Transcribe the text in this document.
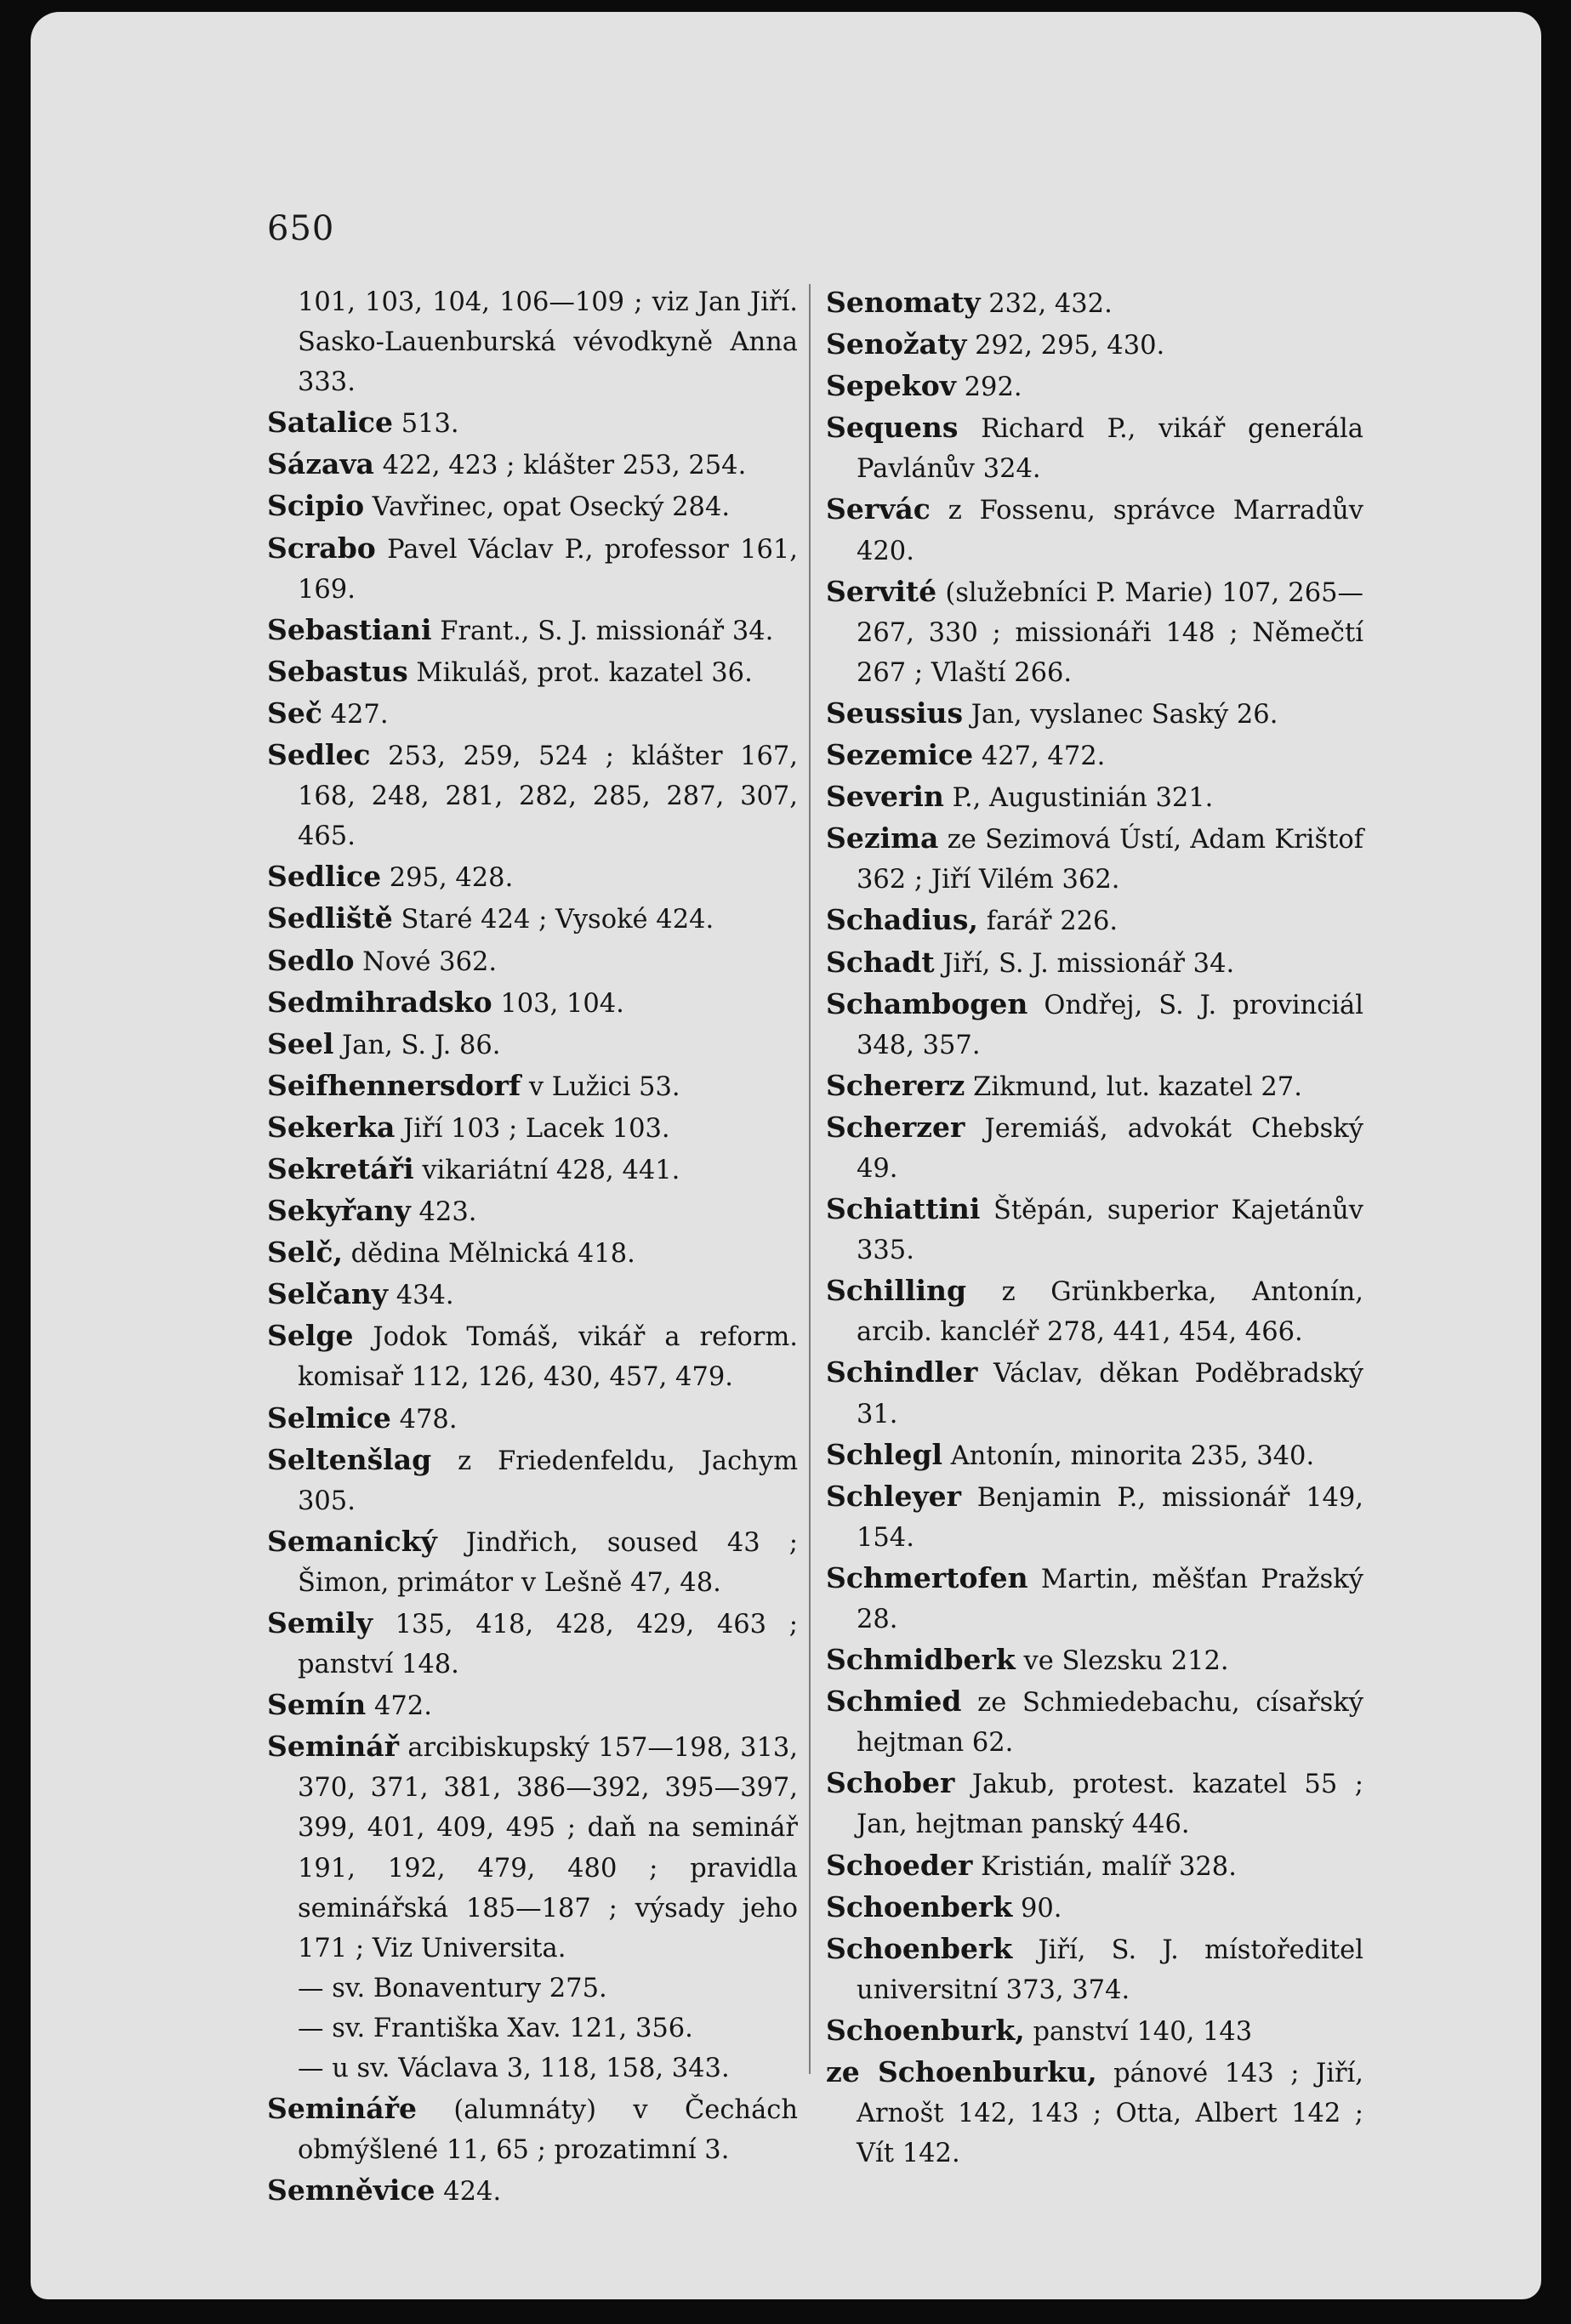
650

101, 103, 104, 106—109 ; viz Jan Jiří. Sasko-Lauenburská vévodkyně Anna 333.

Satalice 513.

Sázava 422, 423 ; klášter 253, 254.

Scipio Vavřinec, opat Osecký 284.

Scrabo Pavel Václav P., professor 161, 169.

Sebastiani Frant., S. J. missionář 34.

Sebastus Mikuláš, prot. kazatel 36.

Seč 427.

Sedlec 253, 259, 524 ; klášter 167, 168, 248, 281, 282, 285, 287, 307, 465.

Sedlice 295, 428.

Sedliště Staré 424 ; Vysoké 424.

Sedlo Nové 362.

Sedmihradsko 103, 104.

Seel Jan, S. J. 86.

Seifhennersdorf v Lužici 53.

Sekerka Jiří 103 ; Lacek 103.

Sekretáři vikariátní 428, 441.

Sekyřany 423.

Selč, dědina Mělnická 418.

Selčany 434.

Selge Jodok Tomáš, vikář a reform. komisař 112, 126, 430, 457, 479.

Selmice 478.

Seltenšlag z Friedenfeldu, Jachym 305.

Semanický Jindřich, soused 43 ; Šimon, primátor v Lešně 47, 48.

Semily 135, 418, 428, 429, 463 ; panství 148.

Semín 472.

Seminář arcibiskupský 157—198, 313, 370, 371, 381, 386—392, 395—397, 399, 401, 409, 495 ; daň na seminář 191, 192, 479, 480 ; pravidla seminářská 185—187 ; výsady jeho 171 ; Viz Universita.

— sv. Bonaventury 275.

— sv. Františka Xav. 121, 356.

— u sv. Václava 3, 118, 158, 343.

Semináře (alumnáty) v Čechách obmýšlené 11, 65 ; prozatimní 3.

Semněvice 424.

Senomaty 232, 432.

Senožaty 292, 295, 430.

Sepekov 292.

Sequens Richard P., vikář generála Pavlánův 324.

Servác z Fossenu, správce Marradův 420.

Servité (služebníci P. Marie) 107, 265—267, 330 ; missionáři 148 ; Němečtí 267 ; Vlaští 266.

Seussius Jan, vyslanec Saský 26.

Sezemice 427, 472.

Severin P., Augustinián 321.

Sezima ze Sezimová Ústí, Adam Krištof 362 ; Jiří Vilém 362.

Schadius, farář 226.

Schadt Jiří, S. J. missionář 34.

Schambogen Ondřej, S. J. provinciál 348, 357.

Schererz Zikmund, lut. kazatel 27.

Scherzer Jeremiáš, advokát Chebský 49.

Schiattini Štěpán, superior Kajetánův 335.

Schilling z Grünkberka, Antonín, arcib. kancléř 278, 441, 454, 466.

Schindler Václav, děkan Poděbradský 31.

Schlegl Antonín, minorita 235, 340.

Schleyer Benjamin P., missionář 149, 154.

Schmertofen Martin, měšťan Pražský 28.

Schmidberk ve Slezsku 212.

Schmied ze Schmiedebachu, císařský hejtman 62.

Schober Jakub, protest. kazatel 55 ; Jan, hejtman panský 446.

Schoeder Kristián, malíř 328.

Schoenberk 90.

Schoenberk Jiří, S. J. místoředitel universitní 373, 374.

Schoenburk, panství 140, 143

ze Schoenburku, pánové 143 ; Jiří, Arnošt 142, 143 ; Otta, Albert 142 ; Vít 142.
